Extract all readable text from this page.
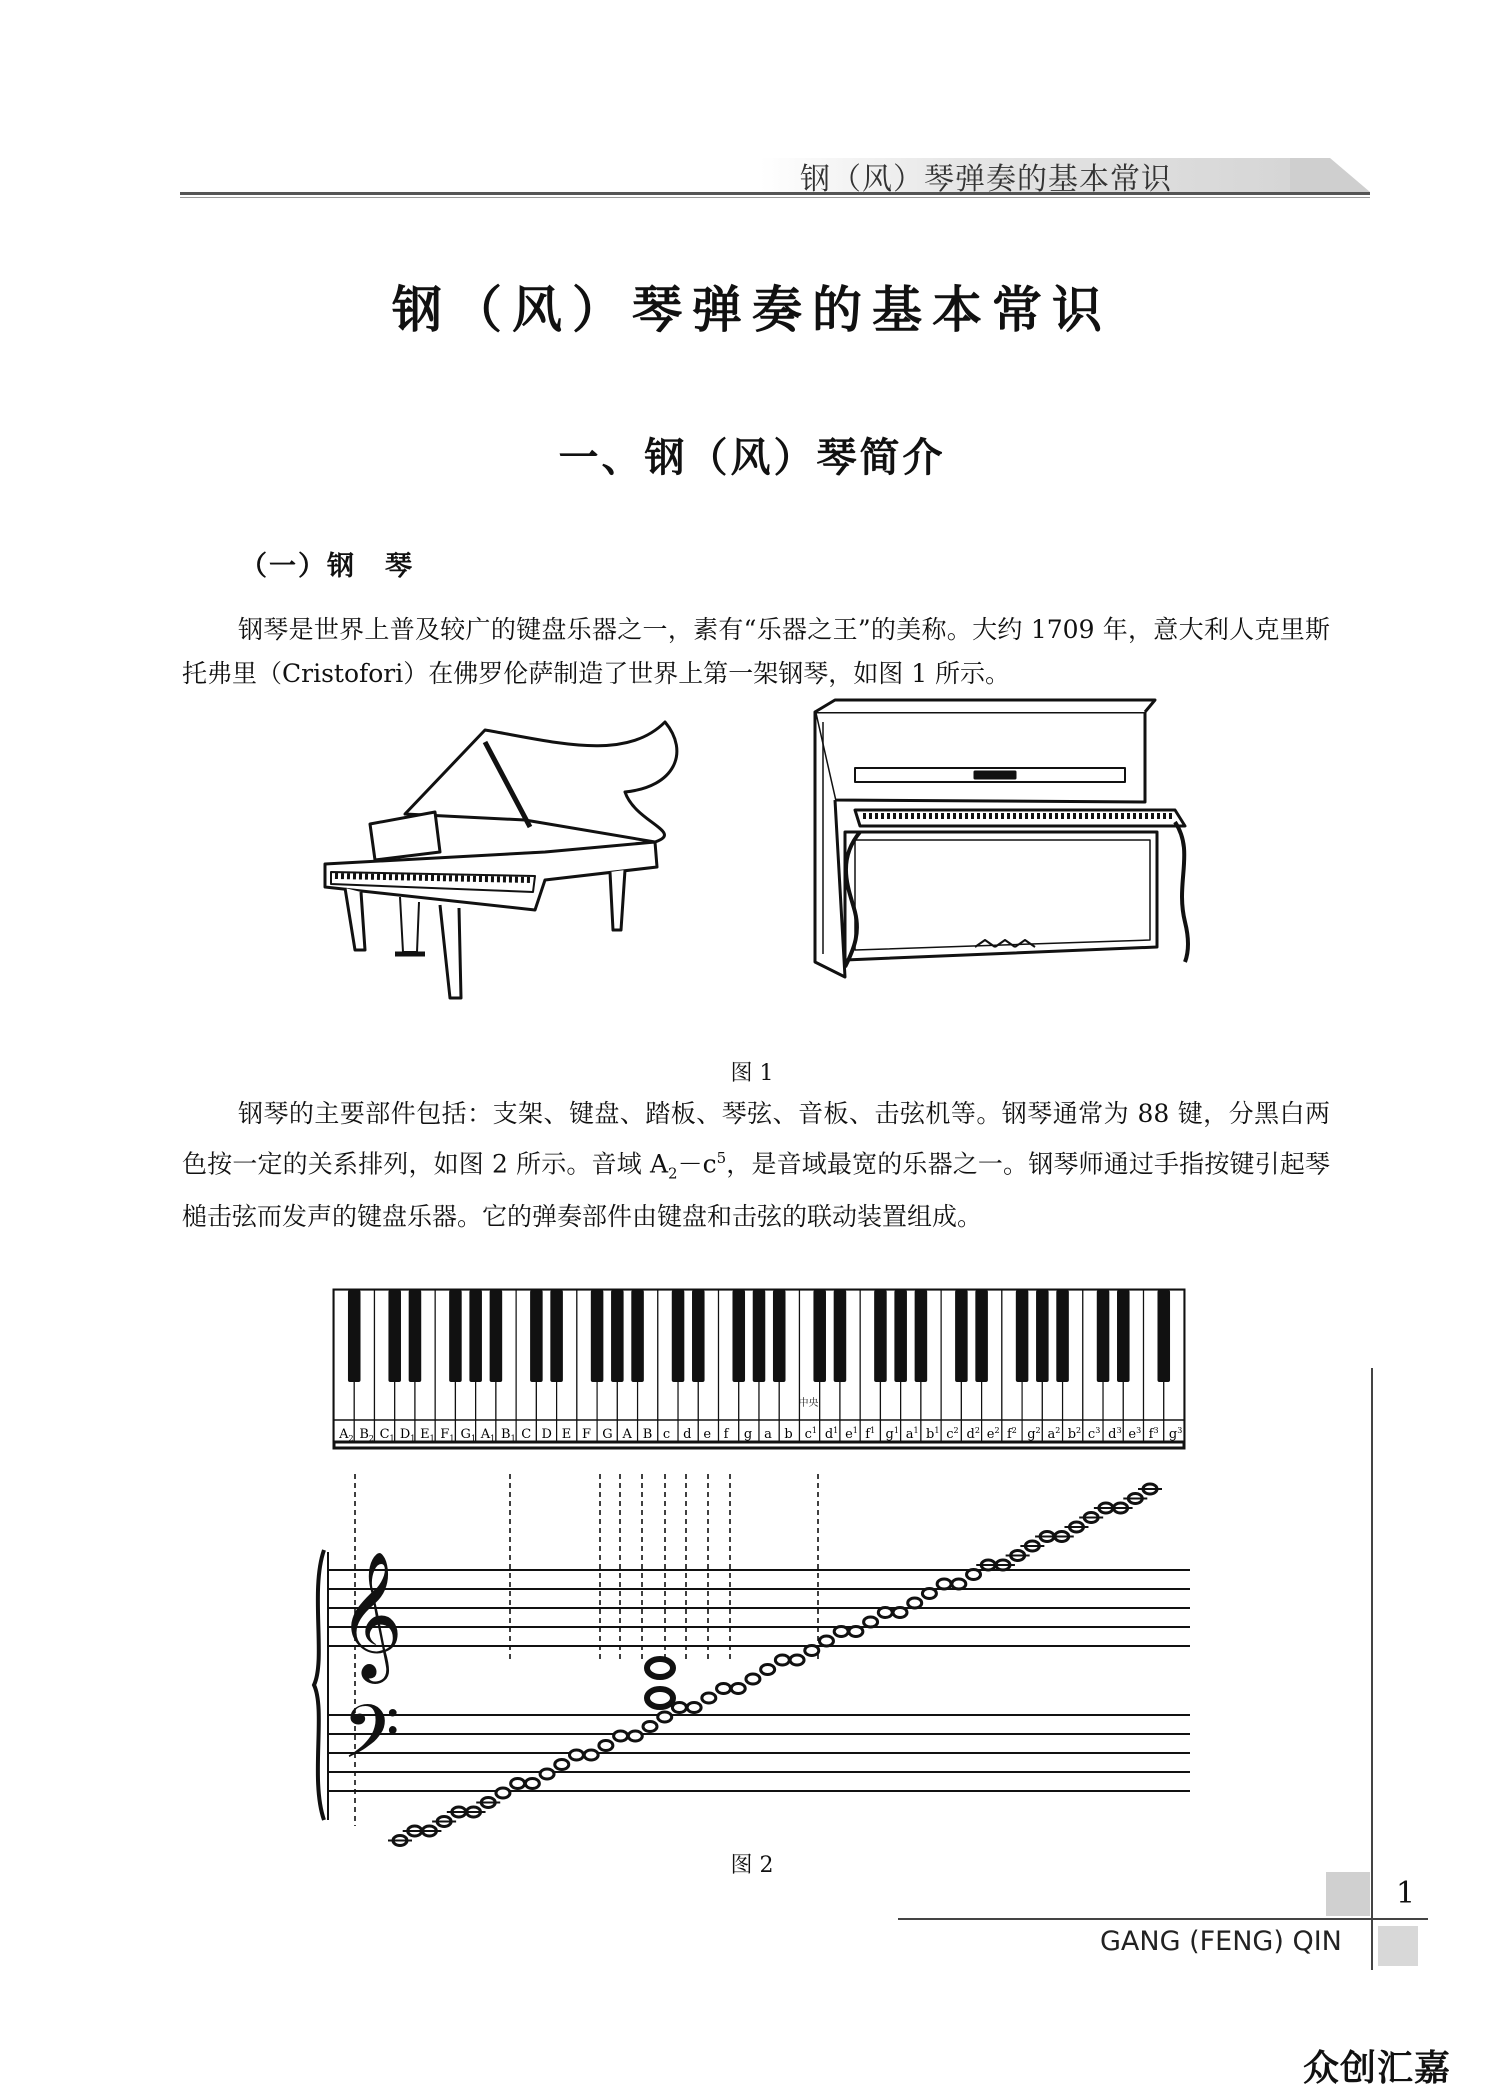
钢（风）琴弹奏的基本常识
钢（风）琴弹奏的基本常识
一、钢（风）琴简介
（一）钢　琴

钢琴是世界上普及较广的键盘乐器之一，素有“乐器之王”的美称。大约 1709 年，意大利人克里斯托弗里（Cristofori）在佛罗伦萨制造了世界上第一架钢琴，如图 1 所示。

图 1

钢琴的主要部件包括：支架、键盘、踏板、琴弦、音板、击弦机等。钢琴通常为 88 键，分黑白两色按一定的关系排列，如图 2 所示。音域 $A_2-c^5$，是音域最宽的乐器之一。钢琴师通过手指按键引起琴槌击弦而发声的键盘乐器。它的弹奏部件由键盘和击弦的联动装置组成。

$A_2$ $B_2$ $C_1$ $D_1$ $E_1$ $F_1$ $G_1$ $A_1$ $B_1$ C D E F G A B c d e f g a b $c^1$ $d^1$ $e^1$ $f^1$ $g^1$ $a^1$ $b^1$ $c^2$ $d^2$ $e^2$ $f^2$ $g^2$ $a^2$ $b^2$ $c^3$ $d^3$ $e^3$ $f^3$ $g^3$
中央
𝄞
𝄢
图 2
1
GANG (FENG) QIN
众创汇嘉
